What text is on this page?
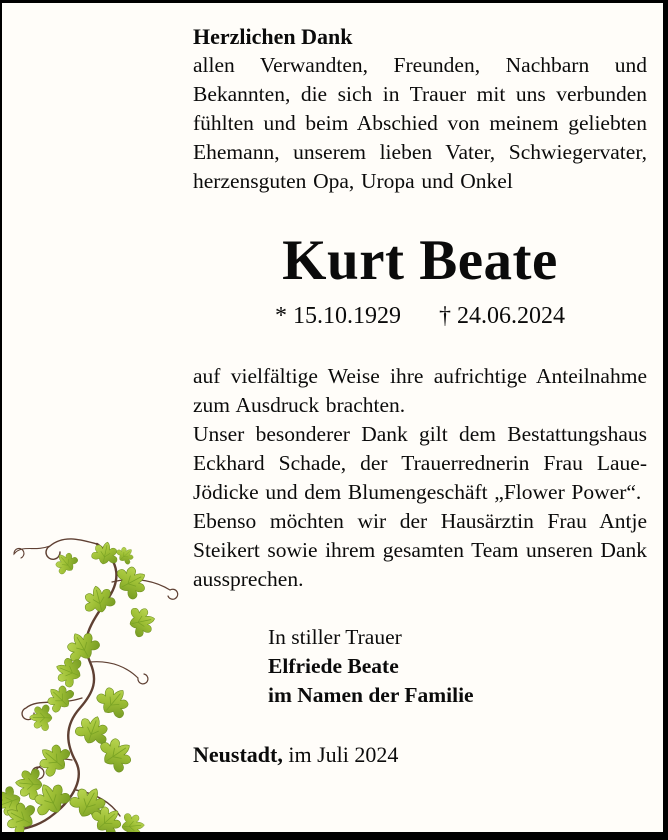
Herzlichen Dank

allen Verwandten, Freunden, Nachbarn und Bekannten, die sich in Trauer mit uns verbunden fühlten und beim Abschied von meinem geliebten Ehemann, unserem lieben Vater, Schwiegervater, herzensguten Opa, Uropa und Onkel

Kurt Beate
* 15.10.1929 † 24.06.2024

auf vielfältige Weise ihre aufrichtige Anteilnahme zum Ausdruck brachten.

Unser besonderer Dank gilt dem Bestattungshaus Eckhard Schade, der Trauerrednerin Frau Laue-Jödicke und dem Blumengeschäft „Flower Power“.

Ebenso möchten wir der Hausärztin Frau Antje Steikert sowie ihrem gesamten Team unseren Dank aussprechen.

In stiller Trauer
Elfriede Beate
im Namen der Familie
Neustadt, im Juli 2024
